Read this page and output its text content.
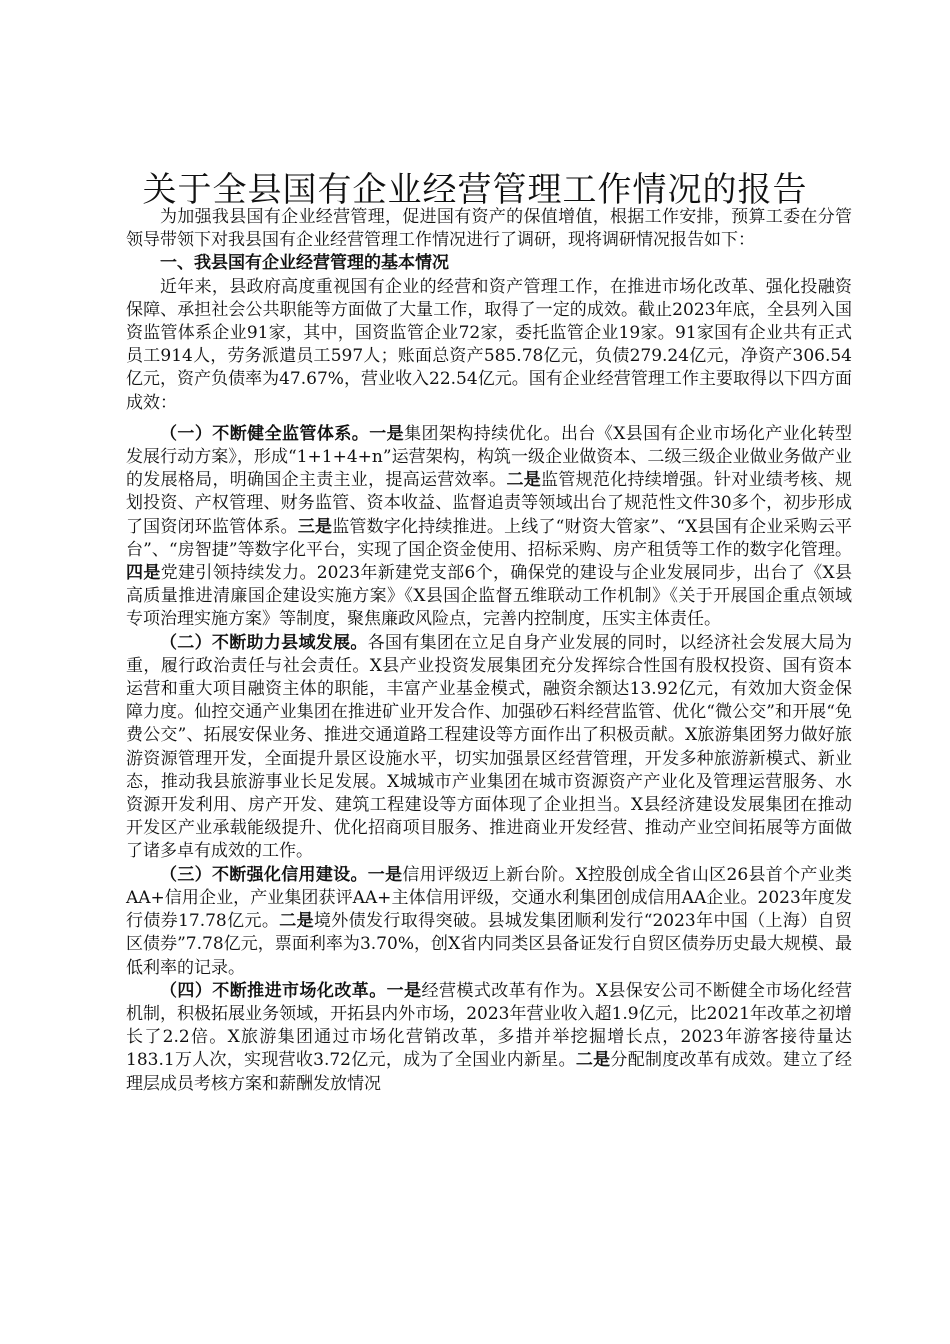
关于全县国有企业经营管理工作情况的报告

为加强我县国有企业经营管理，促进国有资产的保值增值，根据工作安排，预算工委在分管领导带领下对我县国有企业经营管理工作情况进行了调研，现将调研情况报告如下：

一、我县国有企业经营管理的基本情况

近年来，县政府高度重视国有企业的经营和资产管理工作，在推进市场化改革、强化投融资保障、承担社会公共职能等方面做了大量工作，取得了一定的成效。截止2023年底，全县列入国资监管体系企业91家，其中，国资监管企业72家，委托监管企业19家。91家国有企业共有正式员工914人，劳务派遣员工597人；账面总资产585.78亿元，负债279.24亿元，净资产306.54亿元，资产负债率为47.67%，营业收入22.54亿元。国有企业经营管理工作主要取得以下四方面成效：

（一）不断健全监管体系。一是集团架构持续优化。出台《X县国有企业市场化产业化转型发展行动方案》，形成“1+1+4+n”运营架构，构筑一级企业做资本、二级三级企业做业务做产业的发展格局，明确国企主责主业，提高运营效率。二是监管规范化持续增强。针对业绩考核、规划投资、产权管理、财务监管、资本收益、监督追责等领域出台了规范性文件30多个，初步形成了国资闭环监管体系。三是监管数字化持续推进。上线了“财资大管家”、“X县国有企业采购云平台”、“房智捷”等数字化平台，实现了国企资金使用、招标采购、房产租赁等工作的数字化管理。四是党建引领持续发力。2023年新建党支部6个，确保党的建设与企业发展同步，出台了《X县高质量推进清廉国企建设实施方案》《X县国企监督五维联动工作机制》《关于开展国企重点领域专项治理实施方案》等制度，聚焦廉政风险点，完善内控制度，压实主体责任。

（二）不断助力县域发展。各国有集团在立足自身产业发展的同时，以经济社会发展大局为重，履行政治责任与社会责任。X县产业投资发展集团充分发挥综合性国有股权投资、国有资本运营和重大项目融资主体的职能，丰富产业基金模式，融资余额达13.92亿元，有效加大资金保障力度。仙控交通产业集团在推进矿业开发合作、加强砂石料经营监管、优化“微公交”和开展“免费公交”、拓展安保业务、推进交通道路工程建设等方面作出了积极贡献。X旅游集团努力做好旅游资源管理开发，全面提升景区设施水平，切实加强景区经营管理，开发多种旅游新模式、新业态，推动我县旅游事业长足发展。X城城市产业集团在城市资源资产产业化及管理运营服务、水资源开发利用、房产开发、建筑工程建设等方面体现了企业担当。X县经济建设发展集团在推动开发区产业承载能级提升、优化招商项目服务、推进商业开发经营、推动产业空间拓展等方面做了诸多卓有成效的工作。

（三）不断强化信用建设。一是信用评级迈上新台阶。X控股创成全省山区26县首个产业类AA+信用企业，产业集团获评AA+主体信用评级，交通水利集团创成信用AA企业。2023年度发行债券17.78亿元。二是境外债发行取得突破。县城发集团顺利发行“2023年中国（上海）自贸区债券”7.78亿元，票面利率为3.70%，创X省内同类区县备证发行自贸区债券历史最大规模、最低利率的记录。

（四）不断推进市场化改革。一是经营模式改革有作为。X县保安公司不断健全市场化经营机制，积极拓展业务领域，开拓县内外市场，2023年营业收入超1.9亿元，比2021年改革之初增长了2.2倍。X旅游集团通过市场化营销改革，多措并举挖掘增长点，2023年游客接待量达183.1万人次，实现营收3.72亿元，成为了全国业内新星。二是分配制度改革有成效。建立了经理层成员考核方案和薪酬发放情况
